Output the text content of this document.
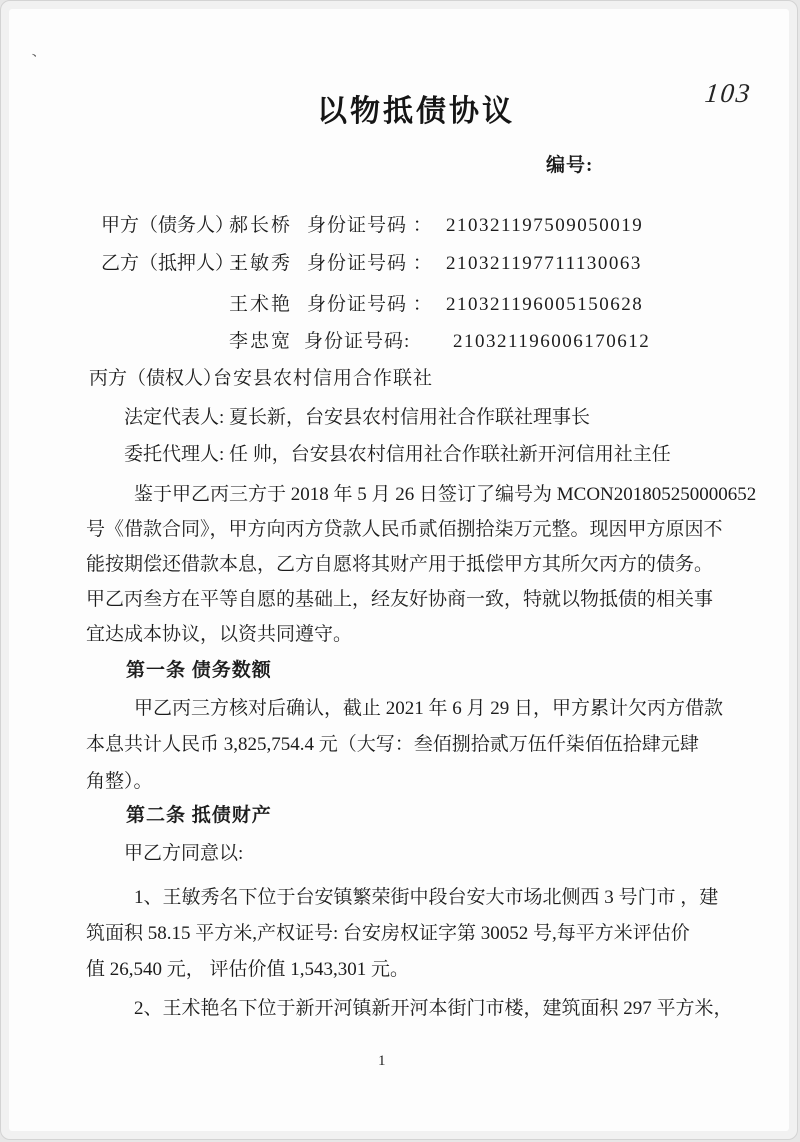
、
103
以物抵债协议
编号:
甲方（债务人）:
郝长桥 身份证号码 ： 210321197509050019
乙方（抵押人）:
王敏秀 身份证号码 ： 210321197711130063
王术艳 身份证号码 ： 210321196005150628
李忠宽 身份证号码: 210321196006170612
丙方（债权人）:
台安县农村信用合作联社
法定代表人: 夏长新，台安县农村信用社合作联社理事长
委托代理人: 任 帅，台安县农村信用社合作联社新开河信用社主任
鉴于甲乙丙三方于 2018 年 5 月 26 日签订了编号为 MCON201805250000652
号《借款合同》，甲方向丙方贷款人民币贰佰捌拾柒万元整。现因甲方原因不
能按期偿还借款本息，乙方自愿将其财产用于抵偿甲方其所欠丙方的债务。
甲乙丙叁方在平等自愿的基础上，经友好协商一致，特就以物抵债的相关事
宜达成本协议，以资共同遵守。
第一条 债务数额
甲乙丙三方核对后确认，截止 2021 年 6 月 29 日，甲方累计欠丙方借款
本息共计人民币 3,825,754.4 元（大写：叁佰捌拾贰万伍仟柒佰伍拾肆元肆
角整）。
第二条 抵债财产
甲乙方同意以:
1、王敏秀名下位于台安镇繁荣街中段台安大市场北侧西 3 号门市 ，建
筑面积 58.15 平方米,产权证号: 台安房权证字第 30052 号,每平方米评估价
值 26,540 元， 评估价值 1,543,301 元。
2、王术艳名下位于新开河镇新开河本街门市楼，建筑面积 297 平方米，
1
